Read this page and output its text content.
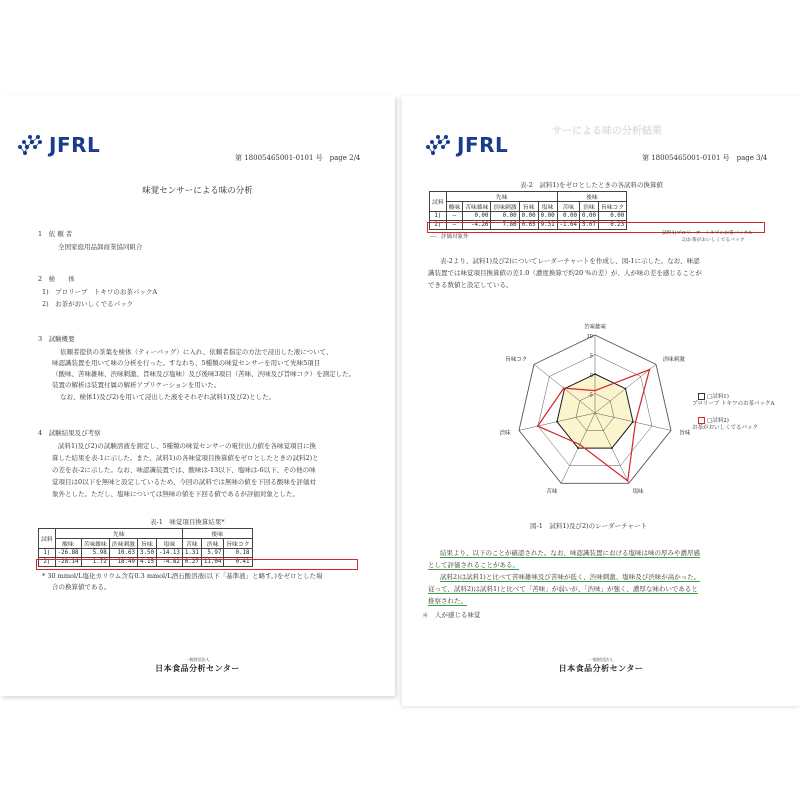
JFRL
第 18005465001-0101 号　page 2/4
味覚センサーによる味の分析
1　依 頼 者
全国家庭用品卸商業協同組合
2　検　　体
1)　プロリーブ　トキワのお茶パックA
2)　お茶がおいしくでるパック
3　試験概要
依頼者提供の茶葉を検体（ティーバッグ）に入れ、依頼者指定の方法で浸出した液について、
味認識装置を用いて味の分析を行った。すなわち、5種類の味覚センサーを用いて先味5項目
（酸味、苦味雑味、渋味刺激、旨味及び塩味）及び後味3項目（苦味、渋味及び旨味コク）を測定した。
装置の解析は装置付属の解析アプリケーションを用いた。
なお、検体1)及び2)を用いて浸出した液をそれぞれ試料1)及び2)とした。
4　試験結果及び考察
試料1)及び2)の試験溶液を測定し、5種類の味覚センサーの電位出力値を各味覚項目に換
算した結果を表-1に示した。また、試料1)の各味覚項目換算値をゼロとしたときの試料2)と
の差を表-2に示した。なお、味認識装置では、酸味は-13以下、塩味は-6以下、その他の味
覚項目は0以下を無味と設定しているため、今回の試料では無味の値を下回る酸味を評価対
象外とした。ただし、塩味については無味の値を下回る値であるが評価対象とした。
表-1　味覚項目換算結果*
試料	先味					後味		
	酸味	苦味雑味	渋味刺激	旨味	塩味	苦味	渋味	旨味コク
1)	-26.88	5.98	10.63	3.50	-14.13	1.31	5.97	0.18
2)	-28.14	1.72	18.49	4.15	-4.82	0.27	11.04	0.41
* 30 mmol/L塩化カリウム含有0.3 mmol/L酒石酸溶液(以下「基準液」と略す。)をゼロとした場
合の換算値である。
一般財団法人
日本食品分析センター
サーによる味の分析結果
JFRL
第 18005465001-0101 号　page 3/4
表-2　試料1)をゼロとしたときの各試料の換算値
試料	先味					後味		
	酸味	苦味雑味	渋味刺激	旨味	塩味	苦味	渋味	旨味コク
1)	―	0.00	0.00	0.00	0.00	0.00	0.00	0.00
2)	―	-4.26	7.86	0.65	9.31	-1.04	5.07	0.23
―：評価対象外
試料1)プロリーブ　トキワのお茶パックA
2)お茶がおいしくでるパック
表-2より、試料1)及び2)についてレーダーチャートを作成し、図-1に示した。なお、味認
識装置では味覚項目換算値の差1.0（濃度換算で約20 %の差）が、人が味の差を感じることが
できる数値と設定している。
10
5
0
-5
苦味雑味
渋味刺激
旨味
塩味
苦味
渋味
旨味コク
□試料1)
プロリーブ トキワのお茶パックA
□試料2)
お茶がおいしくでるパック
図-1　試料1)及び2)のレーダーチャート
結果より、以下のことが確認された。なお、味認識装置における塩味は味の厚みや濃厚感
として評価されることがある。
試料2)は試料1)と比べて苦味雑味及び苦味が低く、渋味刺激、塩味及び渋味が高かった。
従って、試料2)は試料1)と比べて「苦味」が弱いが、「渋味」が強く、濃厚な味わいであると
推察された。
＊　人が感じる味覚
一般財団法人
日本食品分析センター
